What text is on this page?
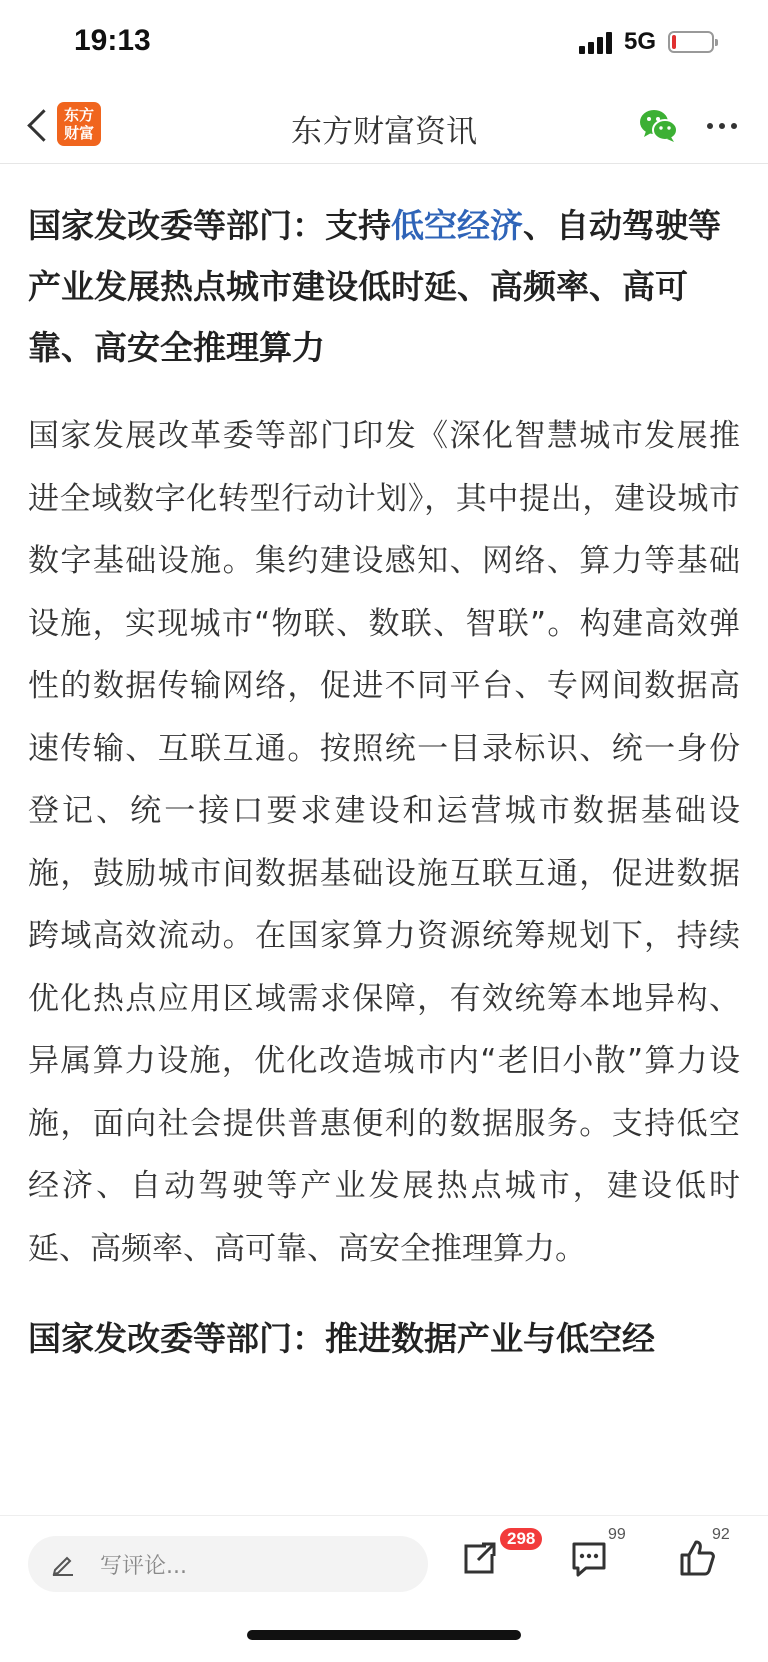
19:13	5G
东方
财富	东方财富资讯
国家发改委等部门：支持低空经济、自动驾驶等产业发展热点城市建设低时延、高频率、高可靠、高安全推理算力
国家发展改革委等部门印发《深化智慧城市发展推进全域数字化转型行动计划》，其中提出，建设城市数字基础设施。集约建设感知、网络、算力等基础设施，实现城市“物联、数联、智联”。构建高效弹性的数据传输网络，促进不同平台、专网间数据高速传输、互联互通。按照统一目录标识、统一身份登记、统一接口要求建设和运营城市数据基础设施，鼓励城市间数据基础设施互联互通，促进数据跨域高效流动。在国家算力资源统筹规划下，持续优化热点应用区域需求保障，有效统筹本地异构、异属算力设施，优化改造城市内“老旧小散”算力设施，面向社会提供普惠便利的数据服务。支持低空经济、自动驾驶等产业发展热点城市，建设低时延、高频率、高可靠、高安全推理算力。
国家发改委等部门：推进数据产业与低空经
写评论...
298	99	92
